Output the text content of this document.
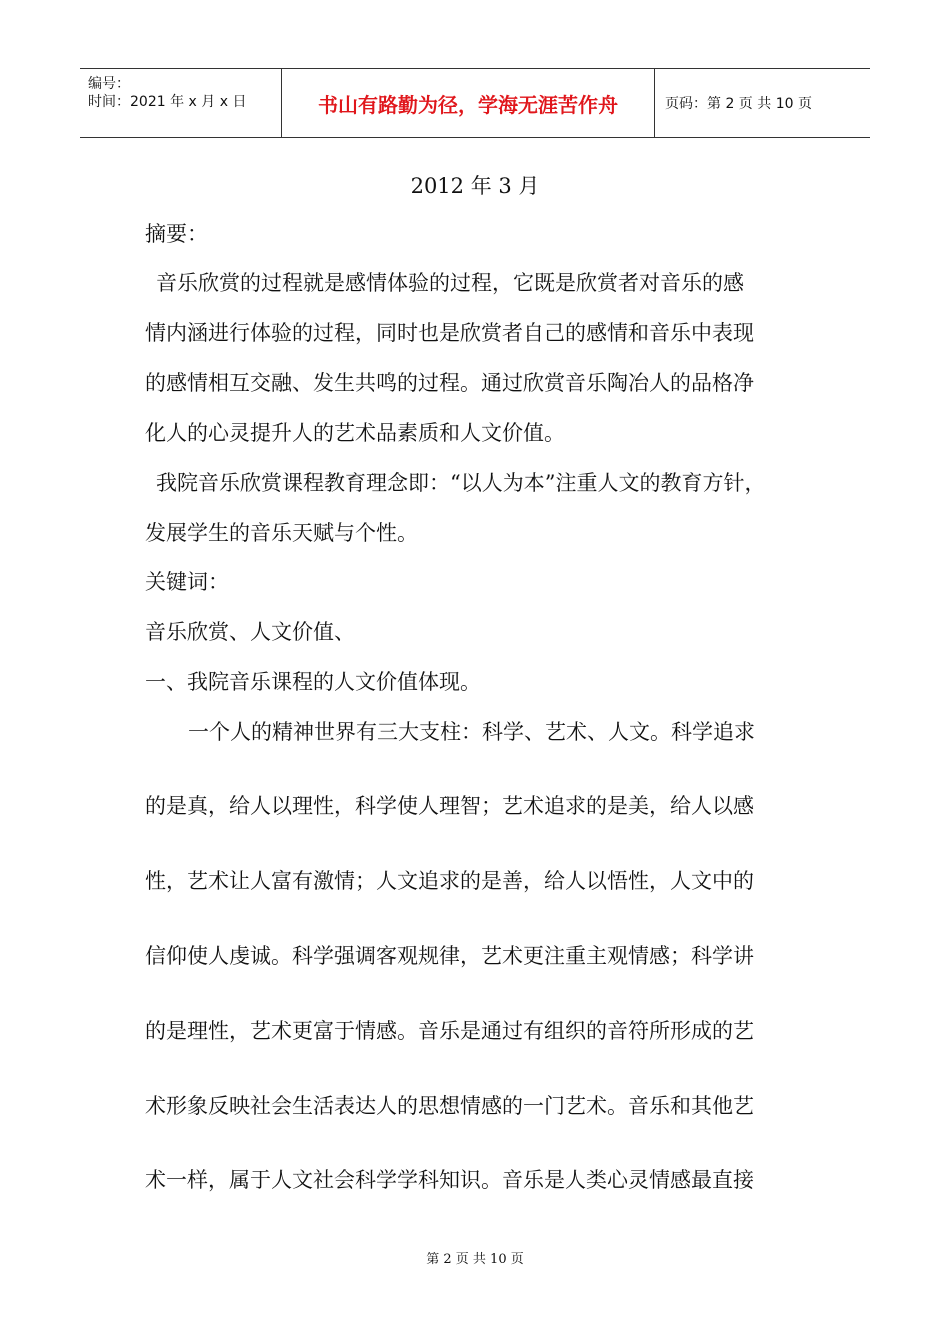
编号：
时间：2021 年 x 月 x 日	书山有路勤为径，学海无涯苦作舟	页码：第 2 页 共 10 页
2012 年 3 月
摘要：
音乐欣赏的过程就是感情体验的过程，它既是欣赏者对音乐的感
情内涵进行体验的过程，同时也是欣赏者自己的感情和音乐中表现
的感情相互交融、发生共鸣的过程。通过欣赏音乐陶冶人的品格净
化人的心灵提升人的艺术品素质和人文价值。
我院音乐欣赏课程教育理念即：“以人为本”注重人文的教育方针，
发展学生的音乐天赋与个性。
关键词：
音乐欣赏、人文价值、
一、我院音乐课程的人文价值体现。
一个人的精神世界有三大支柱：科学、艺术、人文。科学追求
的是真，给人以理性，科学使人理智；艺术追求的是美，给人以感
性，艺术让人富有激情；人文追求的是善，给人以悟性，人文中的
信仰使人虔诚。科学强调客观规律，艺术更注重主观情感；科学讲
的是理性，艺术更富于情感。音乐是通过有组织的音符所形成的艺
术形象反映社会生活表达人的思想情感的一门艺术。音乐和其他艺
术一样，属于人文社会科学学科知识。音乐是人类心灵情感最直接
第 2 页 共 10 页
